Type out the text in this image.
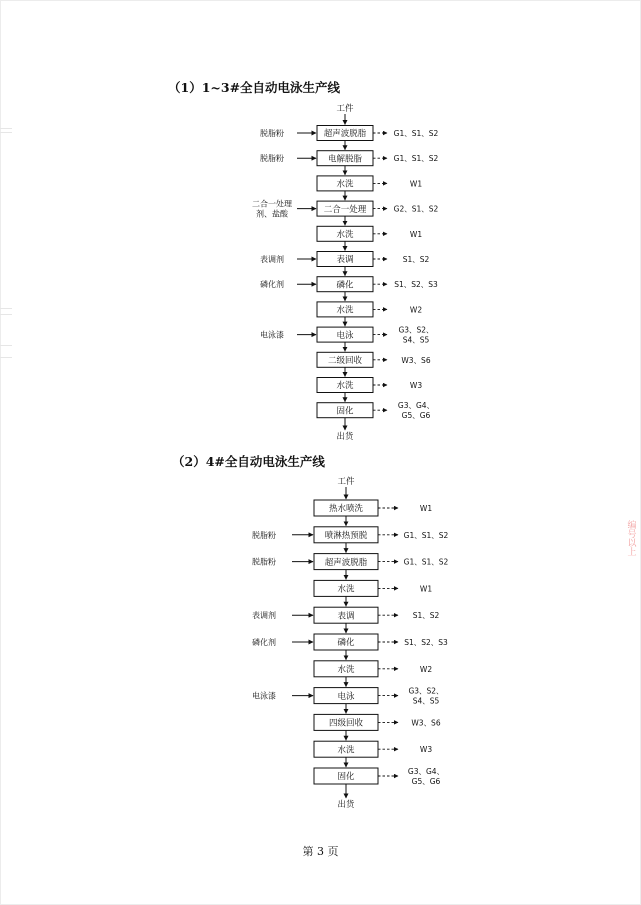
（1）1~3#全自动电泳生产线
工件
超声波脱脂
脱脂粉	G1、S1、S2
电解脱脂
脱脂粉	G1、S1、S2
水洗	W1
二合一处理
二合一处理
剂、盐酸
G2、S1、S2
水洗	W1
表调
表调剂	S1、S2
磷化
磷化剂	S1、S2、S3
水洗	W2
电泳
电泳漆
G3、S2、
S4、S5
二级回收	W3、S6
水洗	W3
固化
G3、G4、
G5、G6
出货
（2）4#全自动电泳生产线
工件
热水喷洗	W1
喷淋热预脱
脱脂粉	G1、S1、S2
超声波脱脂
脱脂粉	G1、S1、S2
水洗	W1
表调
表调剂	S1、S2
磷化
磷化剂	S1、S2、S3
水洗	W2
电泳
电泳漆
G3、S2、
S4、S5
四级回收	W3、S6
水洗	W3
固化
G3、G4、
G5、G6
出货
第 3 页
编号以上
